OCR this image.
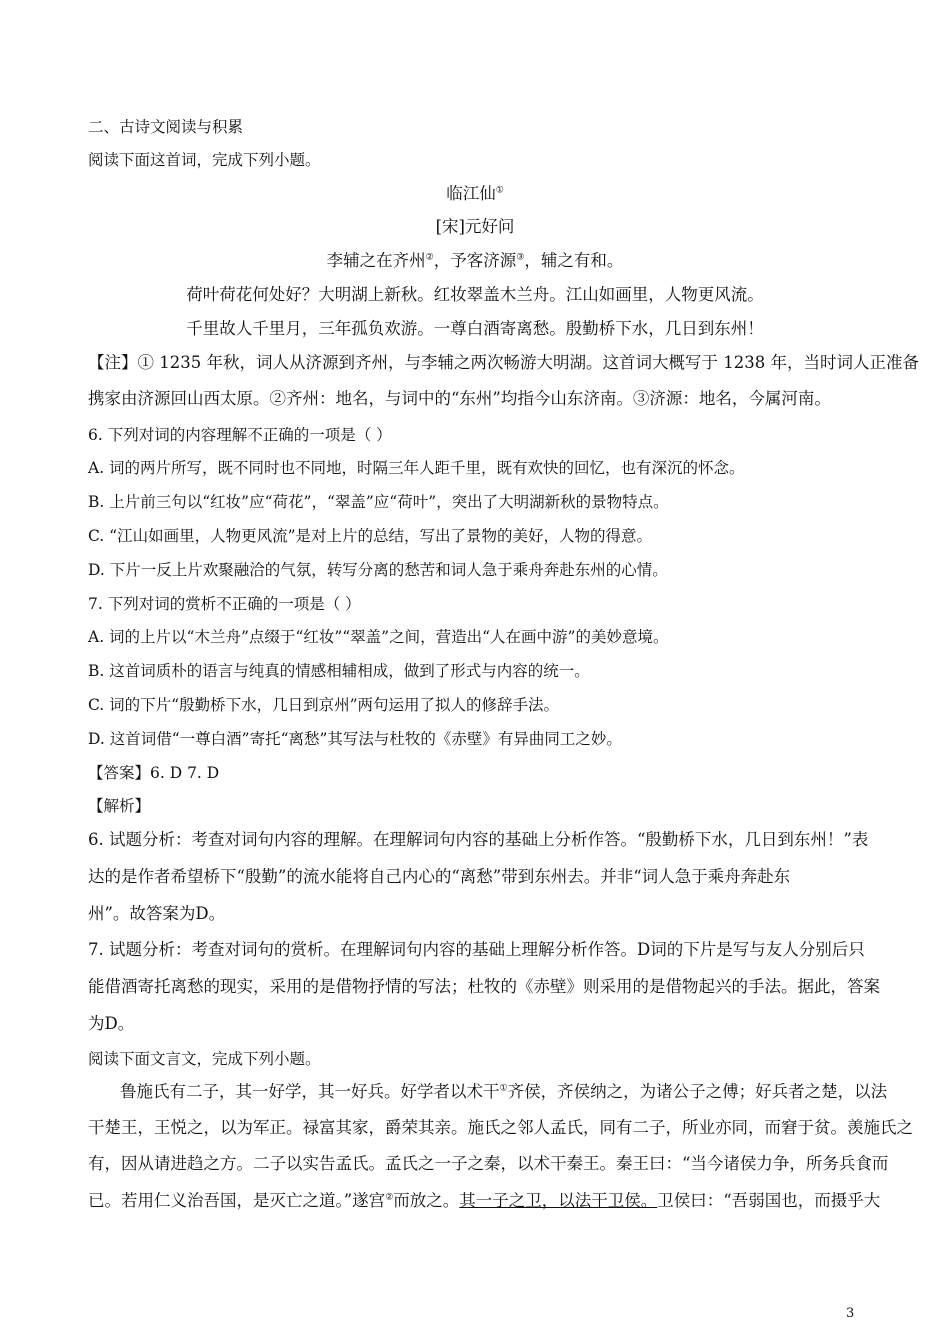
二、古诗文阅读与积累
阅读下面这首词，完成下列小题。
临江仙①
[宋]元好问
李辅之在齐州②，予客济源③，辅之有和。
荷叶荷花何处好？大明湖上新秋。红妆翠盖木兰舟。江山如画里，人物更风流。
千里故人千里月，三年孤负欢游。一尊白酒寄离愁。殷勤桥下水，几日到东州！
【注】① 1235 年秋，词人从济源到齐州，与李辅之两次畅游大明湖。这首词大概写于 1238 年，当时词人正准备
携家由济源回山西太原。②齐州：地名，与词中的“东州”均指今山东济南。③济源：地名，今属河南。
6. 下列对词的内容理解不正确的一项是（ ）
A. 词的两片所写，既不同时也不同地，时隔三年人距千里，既有欢快的回忆，也有深沉的怀念。
B. 上片前三句以“红妆”应“荷花”，“翠盖”应“荷叶”，突出了大明湖新秋的景物特点。
C. “江山如画里，人物更风流”是对上片的总结，写出了景物的美好，人物的得意。
D. 下片一反上片欢聚融洽的气氛，转写分离的愁苦和词人急于乘舟奔赴东州的心情。
7. 下列对词的赏析不正确的一项是（ ）
A. 词的上片以“木兰舟”点缀于“红妆”“翠盖”之间，营造出“人在画中游”的美妙意境。
B. 这首词质朴的语言与纯真的情感相辅相成，做到了形式与内容的统一。
C. 词的下片“殷勤桥下水，几日到京州”两句运用了拟人的修辞手法。
D. 这首词借“一尊白酒”寄托“离愁”其写法与杜牧的《赤壁》有异曲同工之妙。
【答案】6. D 7. D
【解析】
6. 试题分析：考查对词句内容的理解。在理解词句内容的基础上分析作答。“殷勤桥下水，几日到东州！”表
达的是作者希望桥下“殷勤”的流水能将自己内心的“离愁”带到东州去。并非“词人急于乘舟奔赴东
州”。故答案为D。
7. 试题分析：考查对词句的赏析。在理解词句内容的基础上理解分析作答。D词的下片是写与友人分别后只
能借酒寄托离愁的现实，采用的是借物抒情的写法；杜牧的《赤壁》则采用的是借物起兴的手法。据此，答案
为D。
阅读下面文言文，完成下列小题。
鲁施氏有二子，其一好学，其一好兵。好学者以术干①齐侯，齐侯纳之，为诸公子之傅；好兵者之楚，以法
干楚王，王悦之，以为军正。禄富其家，爵荣其亲。施氏之邻人孟氏，同有二子，所业亦同，而窘于贫。羡施氏之
有，因从请进趋之方。二子以实告孟氏。孟氏之一子之秦，以术干秦王。秦王曰：“当今诸侯力争，所务兵食而
已。若用仁义治吾国，是灭亡之道。”遂宫②而放之。其一子之卫，以法干卫侯。卫侯曰：“吾弱国也，而摄乎大
3
